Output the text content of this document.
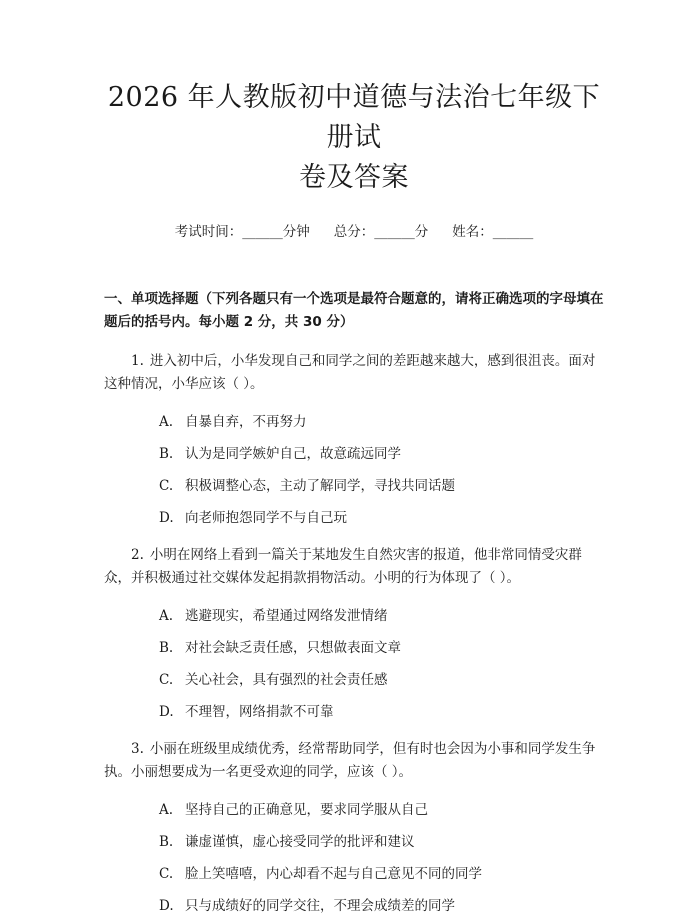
2026 年人教版初中道德与法治七年级下册试
卷及答案
考试时间：______分钟 总分：______分 姓名：______
一、单项选择题（下列各题只有一个选项是最符合题意的，请将正确选项的字母填在题后的括号内。每小题 2 分，共 30 分）
1. 进入初中后，小华发现自己和同学之间的差距越来越大，感到很沮丧。面对这种情况，小华应该（ ）。
A. 自暴自弃，不再努力
B. 认为是同学嫉妒自己，故意疏远同学
C. 积极调整心态，主动了解同学，寻找共同话题
D. 向老师抱怨同学不与自己玩
2. 小明在网络上看到一篇关于某地发生自然灾害的报道，他非常同情受灾群众，并积极通过社交媒体发起捐款捐物活动。小明的行为体现了（ ）。
A. 逃避现实，希望通过网络发泄情绪
B. 对社会缺乏责任感，只想做表面文章
C. 关心社会，具有强烈的社会责任感
D. 不理智，网络捐款不可靠
3. 小丽在班级里成绩优秀，经常帮助同学，但有时也会因为小事和同学发生争执。小丽想要成为一名更受欢迎的同学，应该（ ）。
A. 坚持自己的正确意见，要求同学服从自己
B. 谦虚谨慎，虚心接受同学的批评和建议
C. 脸上笑嘻嘻，内心却看不起与自己意见不同的同学
D. 只与成绩好的同学交往，不理会成绩差的同学
